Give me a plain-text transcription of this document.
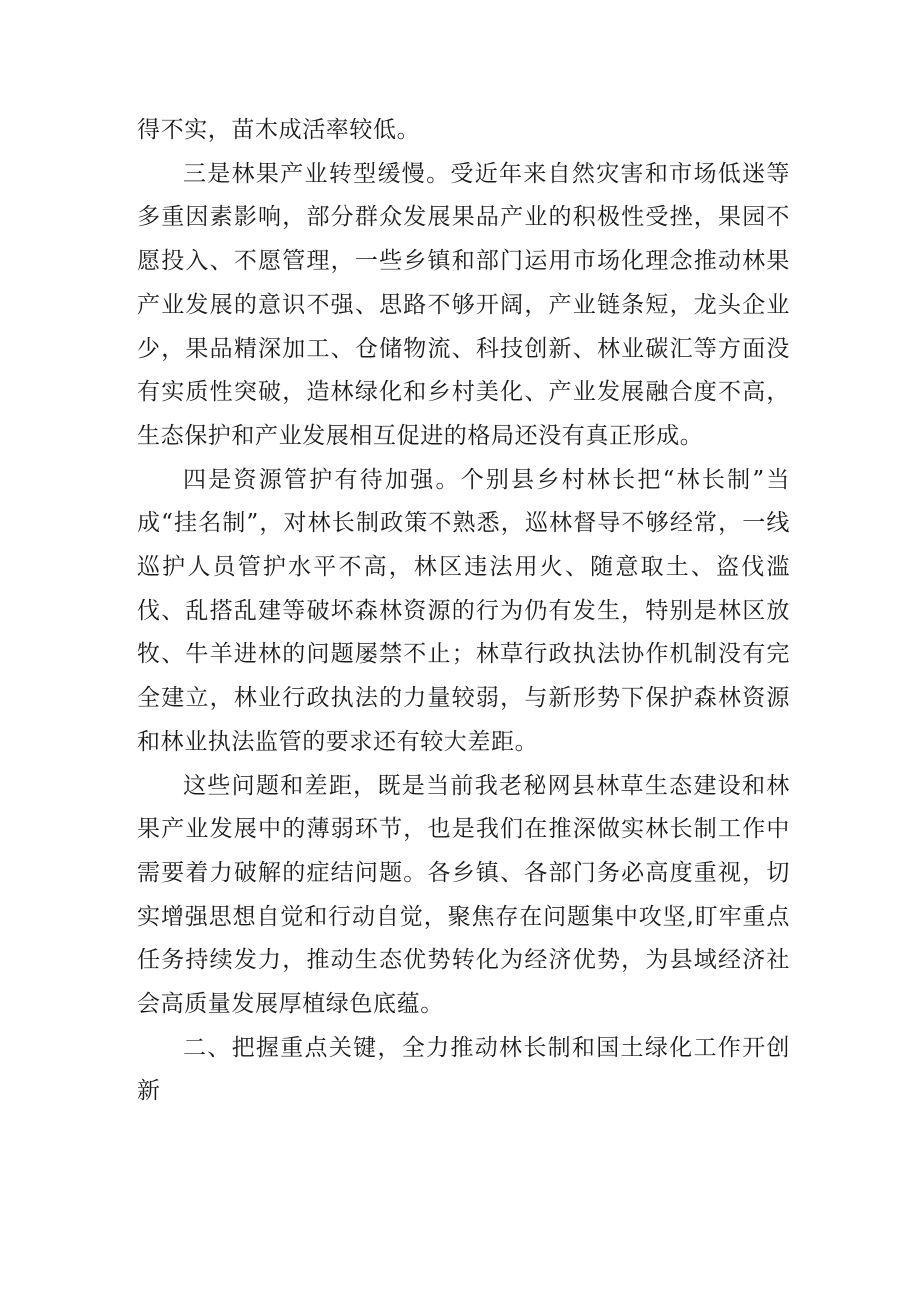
得不实，苗木成活率较低。

三是林果产业转型缓慢。受近年来自然灾害和市场低迷等多重因素影响，部分群众发展果品产业的积极性受挫，果园不愿投入、不愿管理，一些乡镇和部门运用市场化理念推动林果产业发展的意识不强、思路不够开阔，产业链条短，龙头企业少，果品精深加工、仓储物流、科技创新、林业碳汇等方面没有实质性突破，造林绿化和乡村美化、产业发展融合度不高，生态保护和产业发展相互促进的格局还没有真正形成。

四是资源管护有待加强。个别县乡村林长把“林长制”当成“挂名制”，对林长制政策不熟悉，巡林督导不够经常，一线巡护人员管护水平不高，林区违法用火、随意取土、盗伐滥伐、乱搭乱建等破坏森林资源的行为仍有发生，特别是林区放牧、牛羊进林的问题屡禁不止；林草行政执法协作机制没有完全建立，林业行政执法的力量较弱，与新形势下保护森林资源和林业执法监管的要求还有较大差距。

这些问题和差距，既是当前我老秘网县林草生态建设和林果产业发展中的薄弱环节，也是我们在推深做实林长制工作中需要着力破解的症结问题。各乡镇、各部门务必高度重视，切实增强思想自觉和行动自觉，聚焦存在问题集中攻坚,盯牢重点任务持续发力，推动生态优势转化为经济优势，为县域经济社会高质量发展厚植绿色底蕴。

二、把握重点关键，全力推动林长制和国土绿化工作开创新
